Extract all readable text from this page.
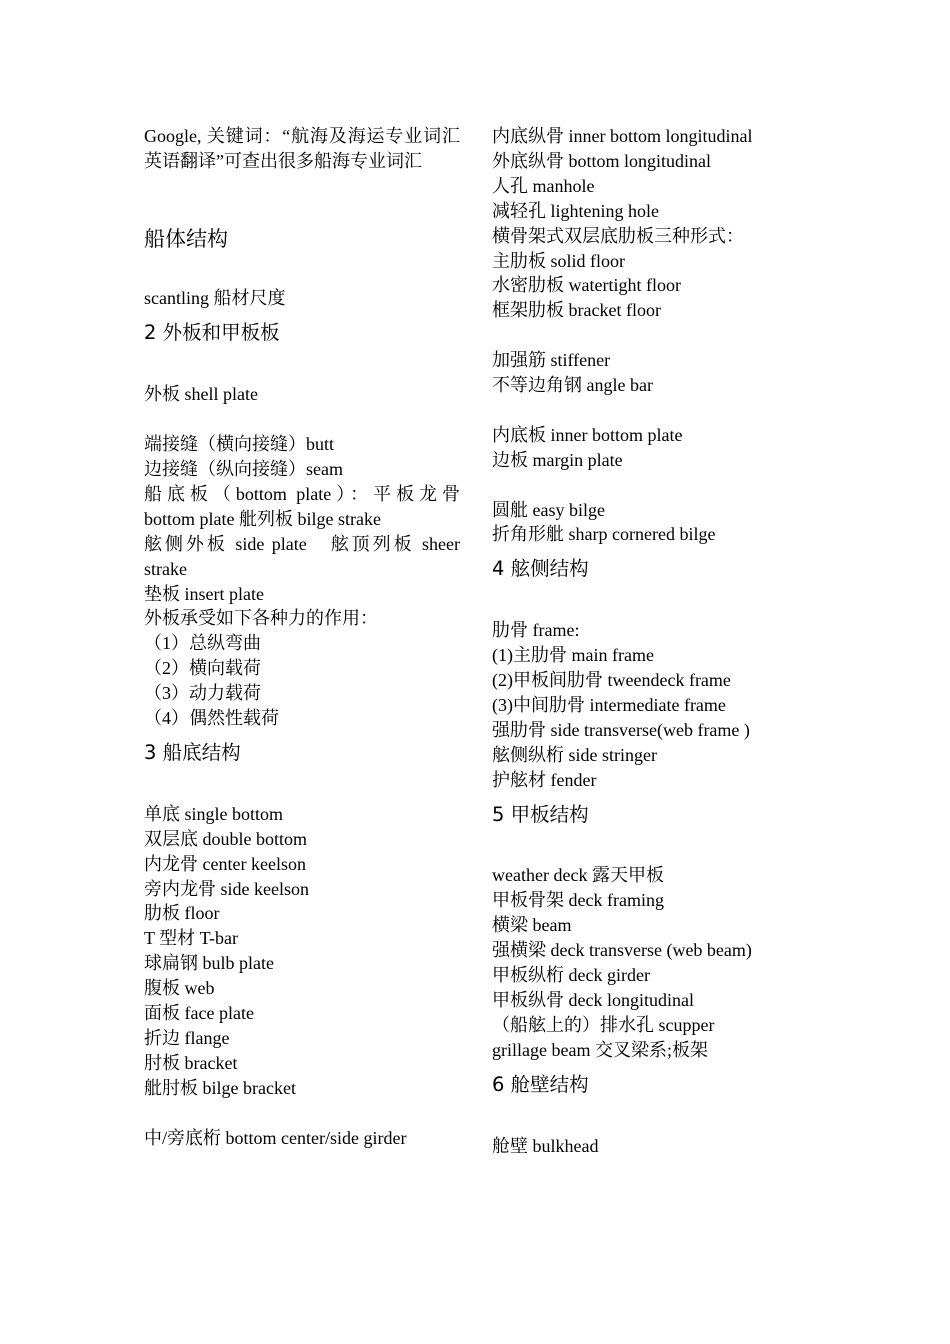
Google, 关键词：“航海及海运专业词汇英语翻译”可查出很多船海专业词汇

船体结构

scantling 船材尺度

2 外板和甲板板

外板 shell plate

端接缝（横向接缝）butt

边接缝（纵向接缝）seam

船底板（bottom plate）：平板龙骨

bottom plate 舭列板 bilge strake

舷侧外板 side plate　舷顶列板 sheer

strake

垫板 insert plate

外板承受如下各种力的作用：

（1）总纵弯曲

（2）横向载荷

（3）动力载荷

（4）偶然性载荷

3 船底结构

单底 single bottom

双层底 double bottom

内龙骨 center keelson

旁内龙骨 side keelson

肋板 floor

T 型材 T-bar

球扁钢 bulb plate

腹板 web

面板 face plate

折边 flange

肘板 bracket

舭肘板 bilge bracket

中/旁底桁 bottom center/side girder

内底纵骨 inner bottom longitudinal

外底纵骨 bottom longitudinal

人孔 manhole

减轻孔 lightening hole

横骨架式双层底肋板三种形式：

主肋板 solid floor

水密肋板 watertight floor

框架肋板 bracket floor

加强筋 stiffener

不等边角钢 angle bar

内底板 inner bottom plate

边板 margin plate

圆舭 easy bilge

折角形舭 sharp cornered bilge

4 舷侧结构

肋骨 frame:

(1)主肋骨 main frame

(2)甲板间肋骨 tweendeck frame

(3)中间肋骨 intermediate frame

强肋骨 side transverse(web frame )

舷侧纵桁 side stringer

护舷材 fender

5 甲板结构

weather deck 露天甲板

甲板骨架 deck framing

横梁 beam

强横梁 deck transverse (web beam)

甲板纵桁 deck girder

甲板纵骨 deck longitudinal

（船舷上的）排水孔 scupper

grillage beam 交叉梁系;板架

6 舱壁结构

舱壁 bulkhead
